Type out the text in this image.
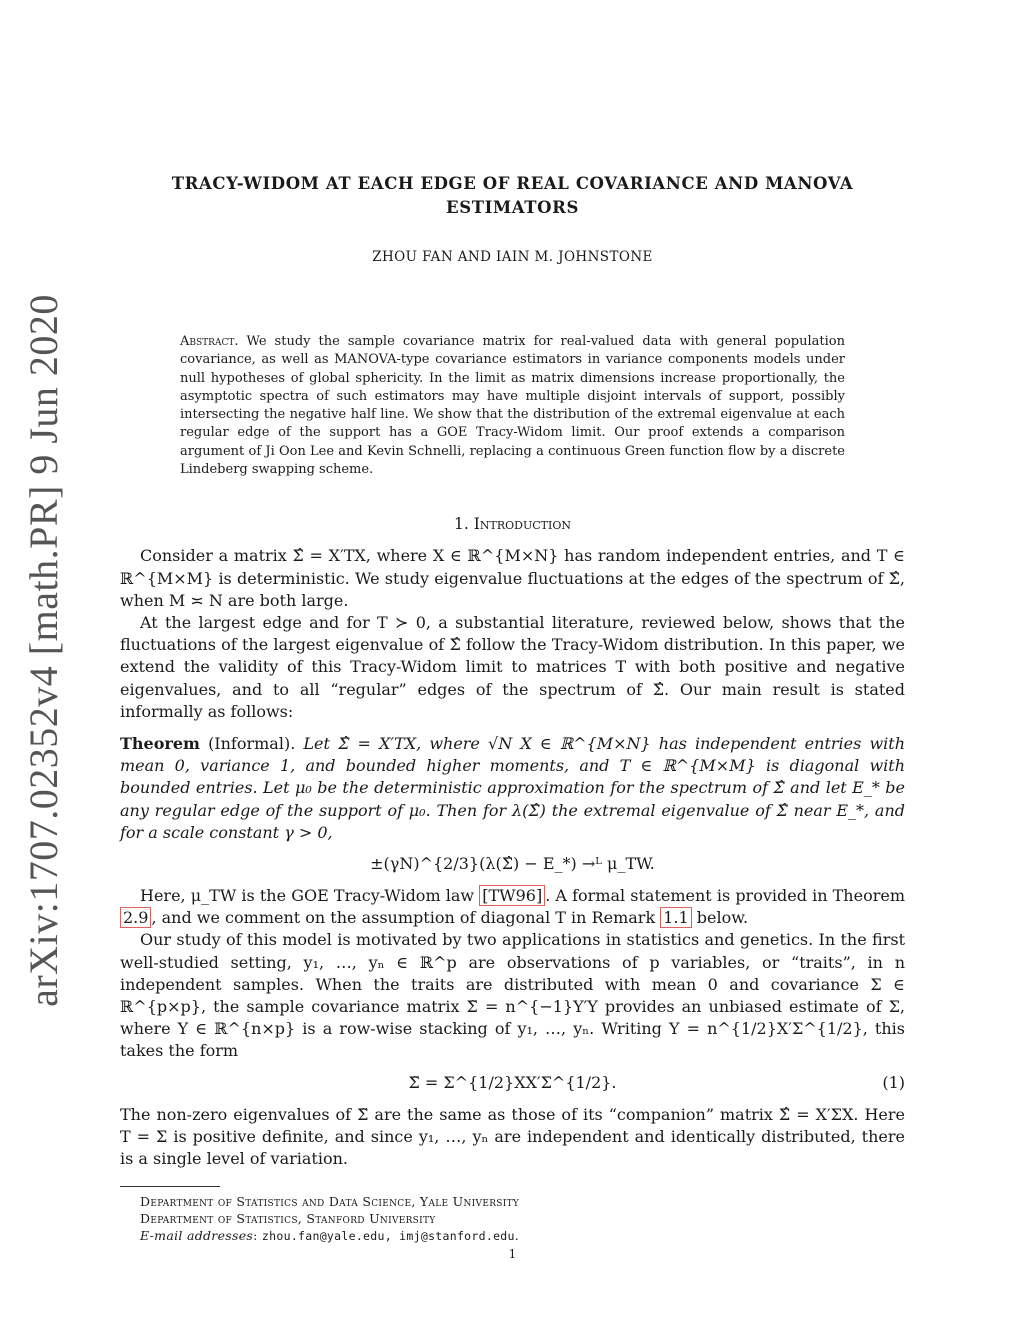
arXiv:1707.02352v4 [math.PR] 9 Jun 2020
TRACY-WIDOM AT EACH EDGE OF REAL COVARIANCE AND MANOVA ESTIMATORS
ZHOU FAN AND IAIN M. JOHNSTONE
Abstract. We study the sample covariance matrix for real-valued data with general population covariance, as well as MANOVA-type covariance estimators in variance components models under null hypotheses of global sphericity. In the limit as matrix dimensions increase proportionally, the asymptotic spectra of such estimators may have multiple disjoint intervals of support, possibly intersecting the negative half line. We show that the distribution of the extremal eigenvalue at each regular edge of the support has a GOE Tracy-Widom limit. Our proof extends a comparison argument of Ji Oon Lee and Kevin Schnelli, replacing a continuous Green function flow by a discrete Lindeberg swapping scheme.
1. Introduction

Consider a matrix Σ̂ = X′TX, where X ∈ ℝ^{M×N} has random independent entries, and T ∈ ℝ^{M×M} is deterministic. We study eigenvalue fluctuations at the edges of the spectrum of Σ̂, when M ≍ N are both large.

At the largest edge and for T ≻ 0, a substantial literature, reviewed below, shows that the fluctuations of the largest eigenvalue of Σ̂ follow the Tracy-Widom distribution. In this paper, we extend the validity of this Tracy-Widom limit to matrices T with both positive and negative eigenvalues, and to all “regular” edges of the spectrum of Σ̂. Our main result is stated informally as follows:

Theorem (Informal). Let Σ̂ = X′TX, where √N X ∈ ℝ^{M×N} has independent entries with mean 0, variance 1, and bounded higher moments, and T ∈ ℝ^{M×M} is diagonal with bounded entries. Let μ₀ be the deterministic approximation for the spectrum of Σ̂ and let E_* be any regular edge of the support of μ₀. Then for λ(Σ̂) the extremal eigenvalue of Σ̂ near E_*, and for a scale constant γ > 0,
±(γN)^{2/3}(λ(Σ̂) − E_*) →ᴸ μ_TW.

Here, μ_TW is the GOE Tracy-Widom law [TW96] . A formal statement is provided in Theorem 2.9 , and we comment on the assumption of diagonal T in Remark 1.1 below.

Our study of this model is motivated by two applications in statistics and genetics. In the first well-studied setting, y₁, …, yₙ ∈ ℝ^p are observations of p variables, or “traits”, in n independent samples. When the traits are distributed with mean 0 and covariance Σ ∈ ℝ^{p×p}, the sample covariance matrix Σ̃ = n^{−1}Y′Y provides an unbiased estimate of Σ, where Y ∈ ℝ^{n×p} is a row-wise stacking of y₁, …, yₙ. Writing Y = n^{1/2}X′Σ^{1/2}, this takes the form

Σ̃ = Σ^{1/2}XX′Σ^{1/2}.	(1)

The non-zero eigenvalues of Σ̃ are the same as those of its “companion” matrix Σ̂ = X′ΣX. Here T = Σ is positive definite, and since y₁, …, yₙ are independent and identically distributed, there is a single level of variation.

Department of Statistics and Data Science, Yale University
Department of Statistics, Stanford University
E-mail addresses: zhou.fan@yale.edu, imj@stanford.edu.
1
